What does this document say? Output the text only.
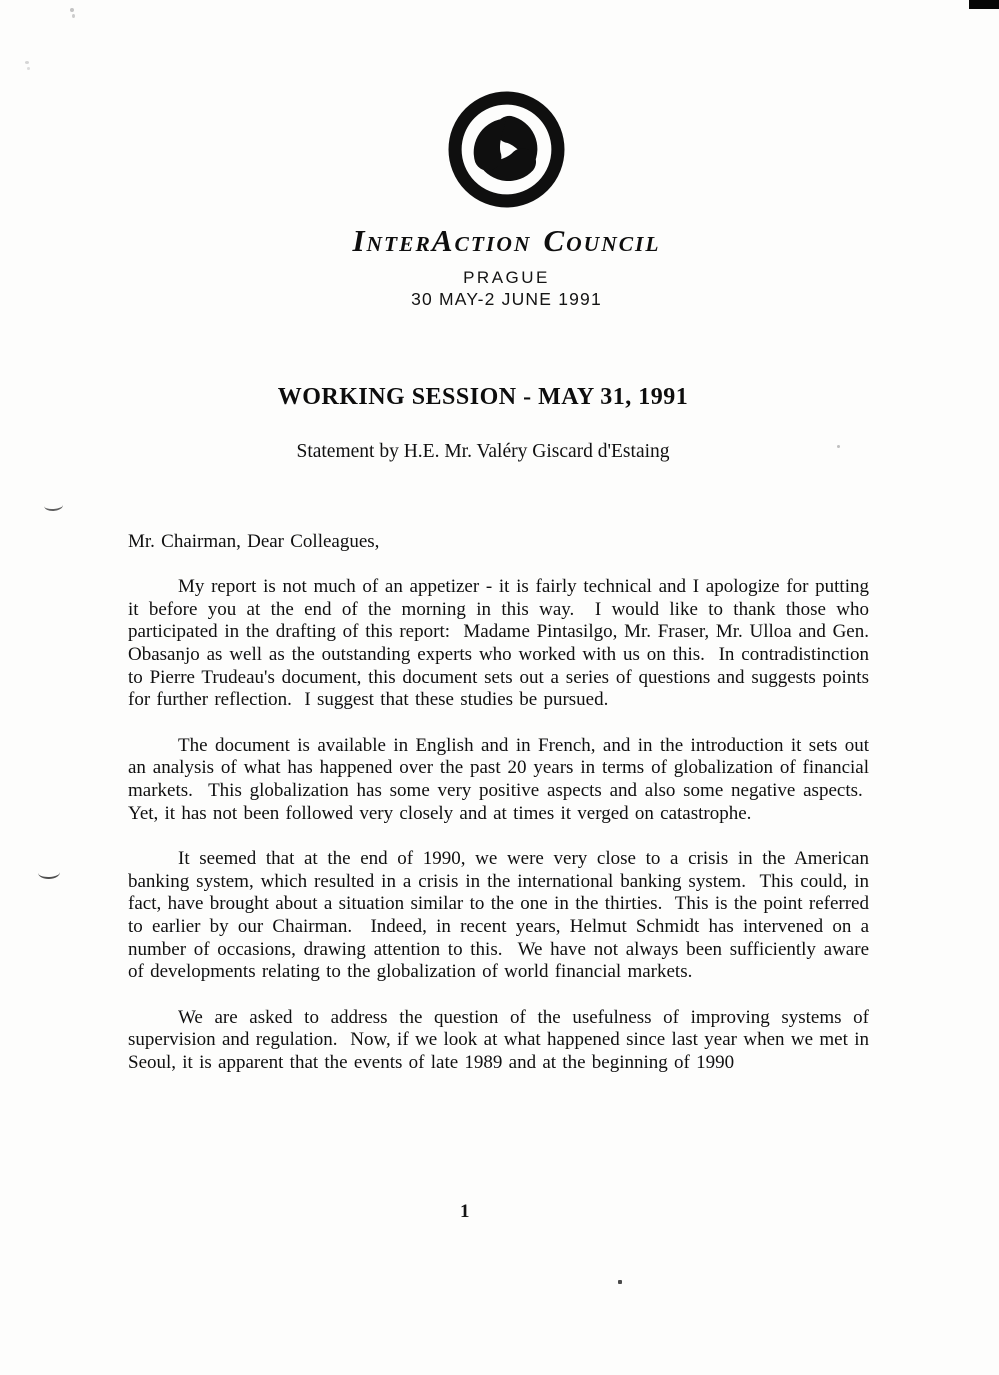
INTERACTION COUNCIL
PRAGUE
30 MAY-2 JUNE 1991
WORKING SESSION - MAY 31, 1991
Statement by H.E. Mr. Valéry Giscard d'Estaing

Mr. Chairman, Dear Colleagues,

My report is not much of an appetizer - it is fairly technical and I apologize for putting it before you at the end of the morning in this way.  I would like to thank those who participated in the drafting of this report:  Madame Pintasilgo, Mr. Fraser, Mr. Ulloa and Gen. Obasanjo as well as the outstanding experts who worked with us on this.  In contradistinction to Pierre Trudeau's document, this document sets out a series of questions and suggests points for further reflection.  I suggest that these studies be pursued.

The document is available in English and in French, and in the introduction it sets out an analysis of what has happened over the past 20 years in terms of globalization of financial markets.  This globalization has some very positive aspects and also some negative aspects.  Yet, it has not been followed very closely and at times it verged on catastrophe.

It seemed that at the end of 1990, we were very close to a crisis in the American banking system, which resulted in a crisis in the international banking system.  This could, in fact, have brought about a situation similar to the one in the thirties.  This is the point referred to earlier by our Chairman.  Indeed, in recent years, Helmut Schmidt has intervened on a number of occasions, drawing attention to this.  We have not always been sufficiently aware of developments relating to the globalization of world financial markets.

We are asked to address the question of the usefulness of improving systems of supervision and regulation.  Now, if we look at what happened since last year when we met in Seoul, it is apparent that the events of late 1989 and at the beginning of 1990

1
